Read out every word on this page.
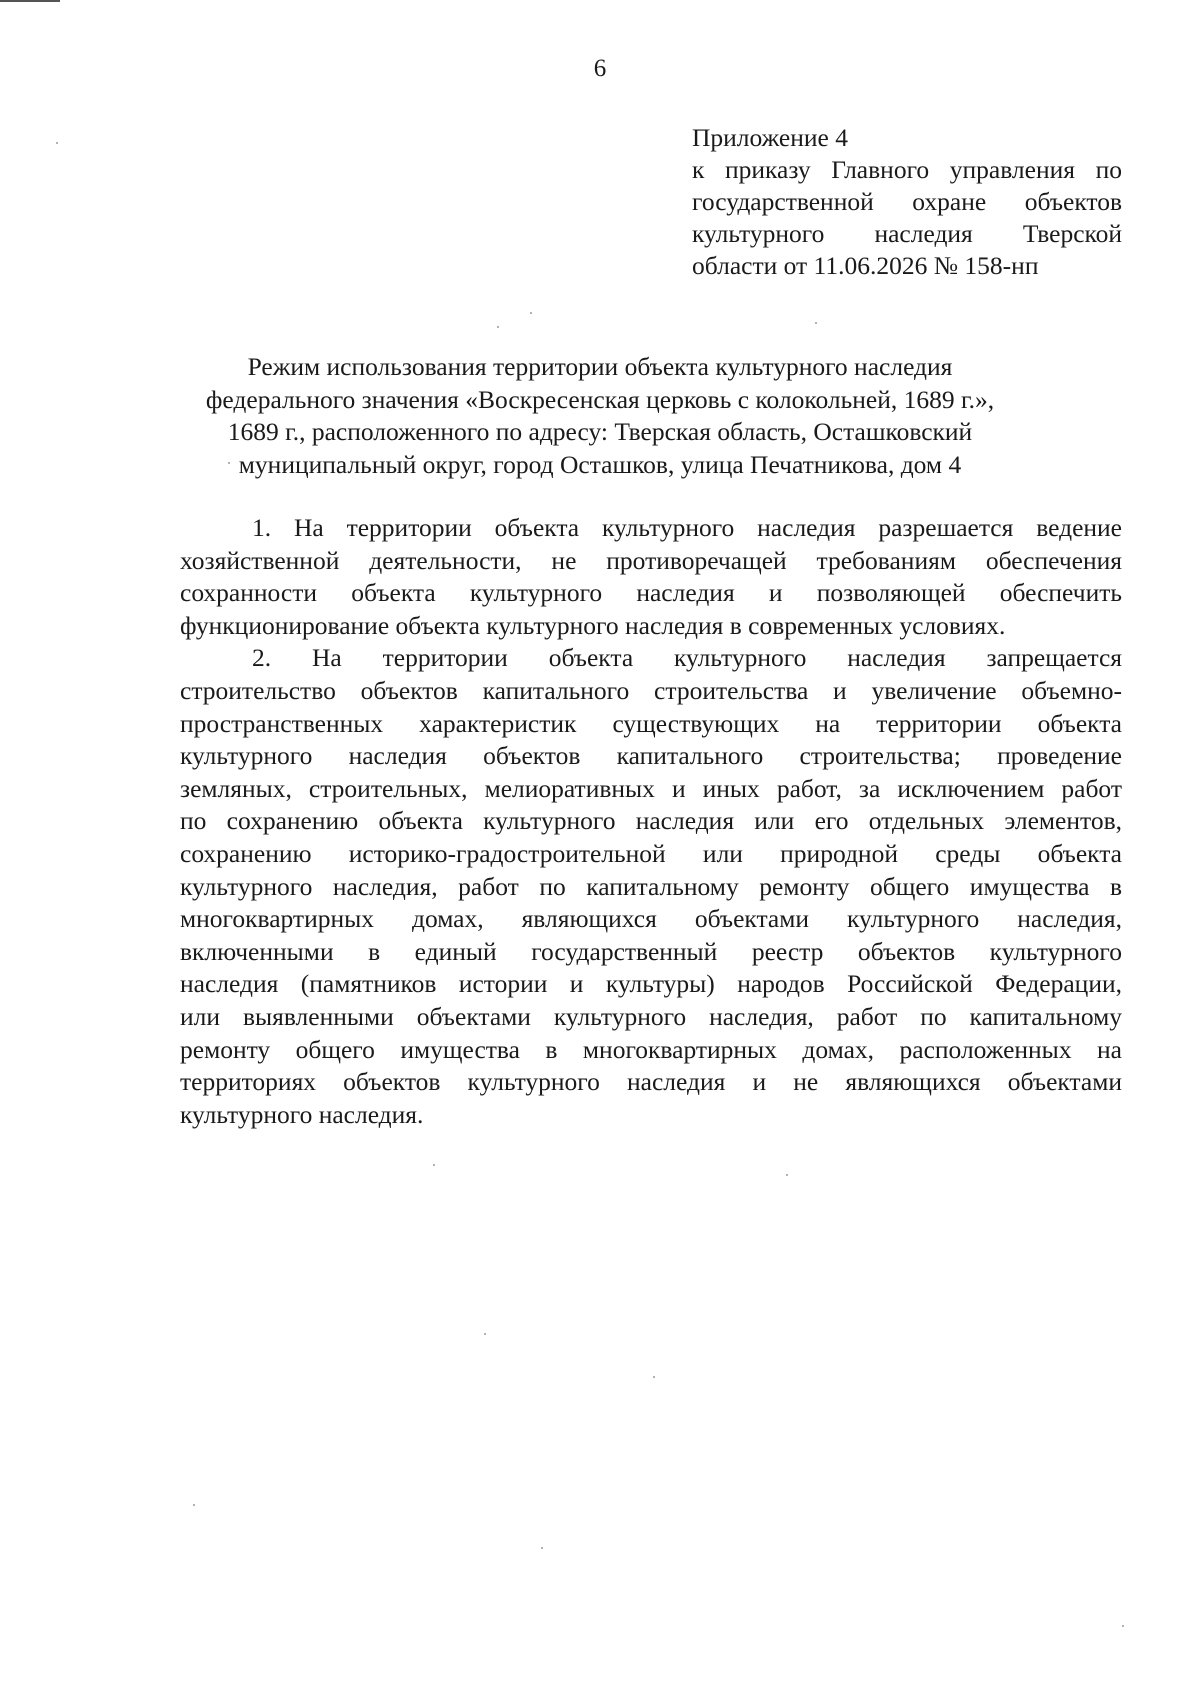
6
Приложение 4
к приказу Главного управления по
государственной охране объектов
культурного наследия Тверской
области от 11.06.2026 № 158-нп
Режим использования территории объекта культурного наследия
федерального значения «Воскресенская церковь с колокольней, 1689 г.»,
1689 г., расположенного по адресу: Тверская область, Осташковский
муниципальный округ, город Осташков, улица Печатникова, дом 4

1. На территории объекта культурного наследия разрешается ведение
хозяйственной деятельности, не противоречащей требованиям обеспечения
сохранности объекта культурного наследия и позволяющей обеспечить
функционирование объекта культурного наследия в современных условиях.

2. На территории объекта культурного наследия запрещается
строительство объектов капитального строительства и увеличение объемно-
пространственных характеристик существующих на территории объекта
культурного наследия объектов капитального строительства; проведение
земляных, строительных, мелиоративных и иных работ, за исключением работ
по сохранению объекта культурного наследия или его отдельных элементов,
сохранению историко-градостроительной или природной среды объекта
культурного наследия, работ по капитальному ремонту общего имущества в
многоквартирных домах, являющихся объектами культурного наследия,
включенными в единый государственный реестр объектов культурного
наследия (памятников истории и культуры) народов Российской Федерации,
или выявленными объектами культурного наследия, работ по капитальному
ремонту общего имущества в многоквартирных домах, расположенных на
территориях объектов культурного наследия и не являющихся объектами
культурного наследия.
